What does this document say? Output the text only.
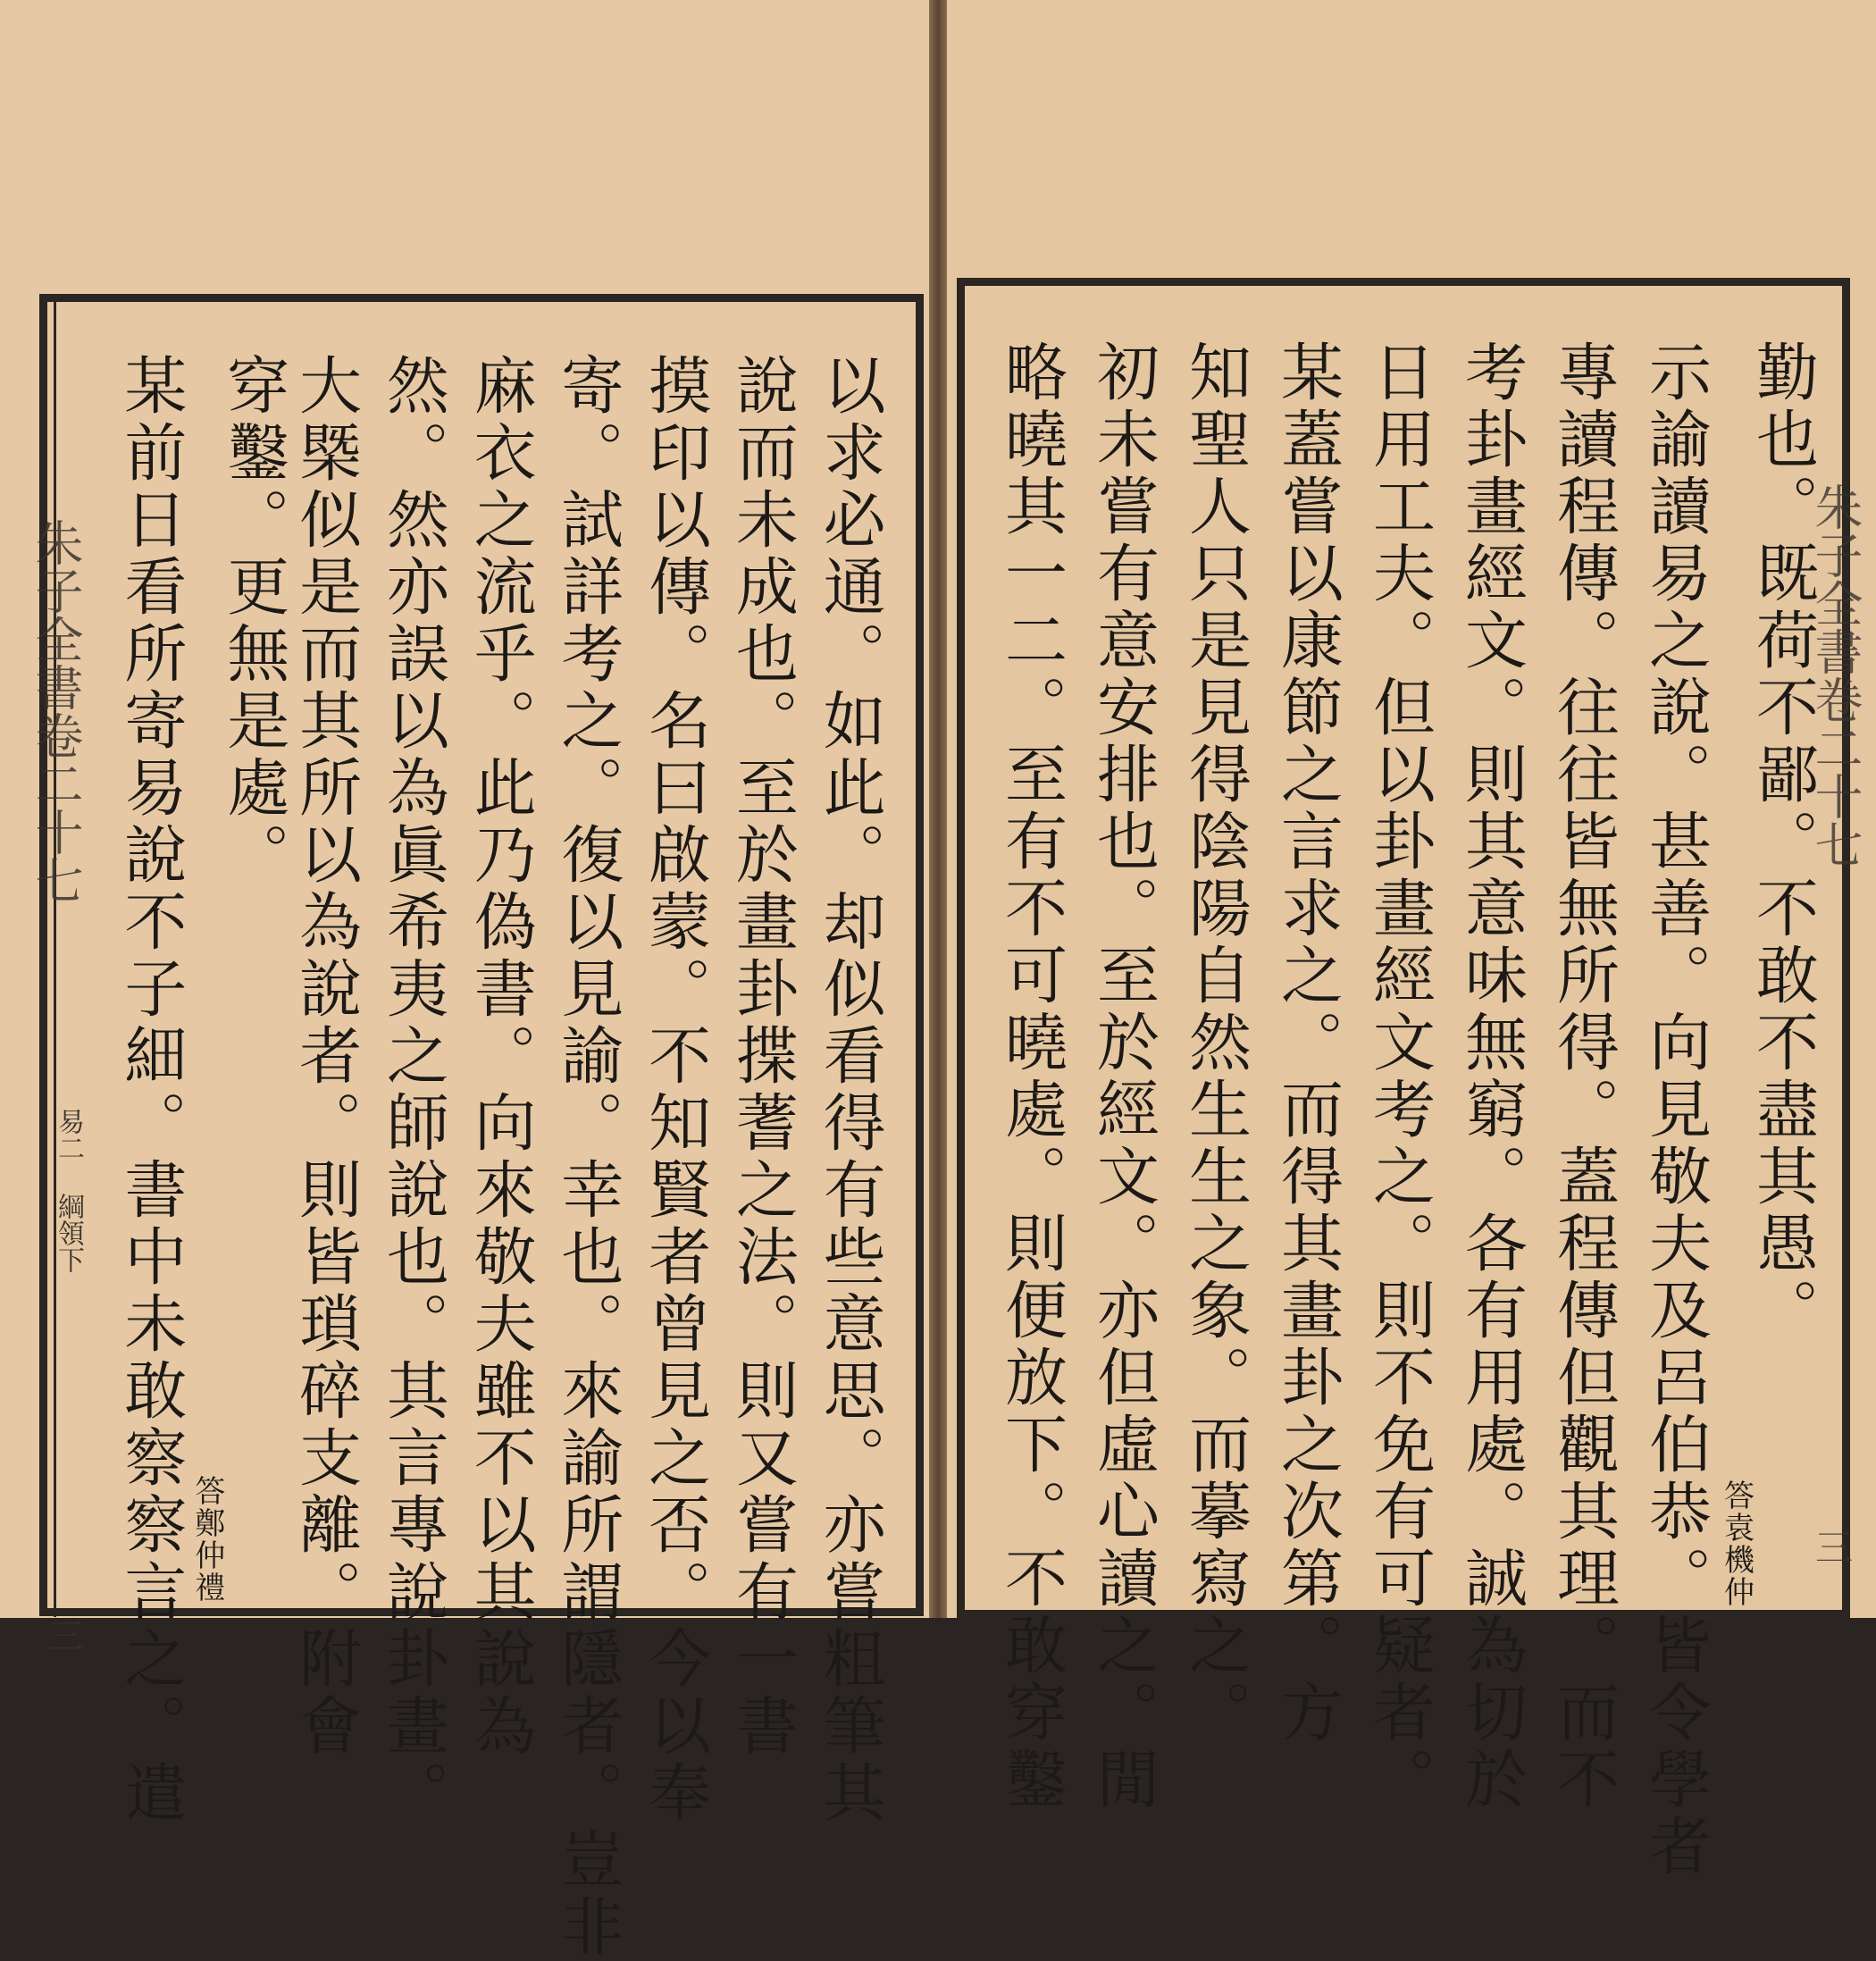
朱子全書卷二十七
易二 綱領下
三	以求必通。如此。却似看得有些意思。亦嘗粗筆其
說而未成也。至於畫卦揲蓍之法。則又嘗有一書
摸印以傳。名曰啟蒙。不知賢者曾見之否。今以奉
寄。試詳考之。復以見諭。幸也。來諭所謂隱者。豈非
麻衣之流乎。此乃偽書。向來敬夫雖不以其說為
然。然亦誤以為眞希夷之師說也。其言專說卦畫。
大槩似是而其所以為說者。則皆瑣碎支離。附會
穿鑿。更無是處。
答鄭仲禮
某前日看所寄易說不子細。書中未敢察察言之。遣	勤也。既荷不鄙。不敢不盡其愚。
答袁機仲
示諭讀易之說。甚善。向見敬夫及呂伯恭。皆令學者
專讀程傳。往往皆無所得。蓋程傳但觀其理。而不
考卦畫經文。則其意味無窮。各有用處。誠為切於
日用工夫。但以卦畫經文考之。則不免有可疑者。
某蓋嘗以康節之言求之。而得其畫卦之次第。方
知聖人只是見得陰陽自然生生之象。而摹寫之。
初未嘗有意安排也。至於經文。亦但虛心讀之。閒
略曉其一二。至有不可曉處。則便放下。不敢穿鑿	朱子全書卷二十七
三
